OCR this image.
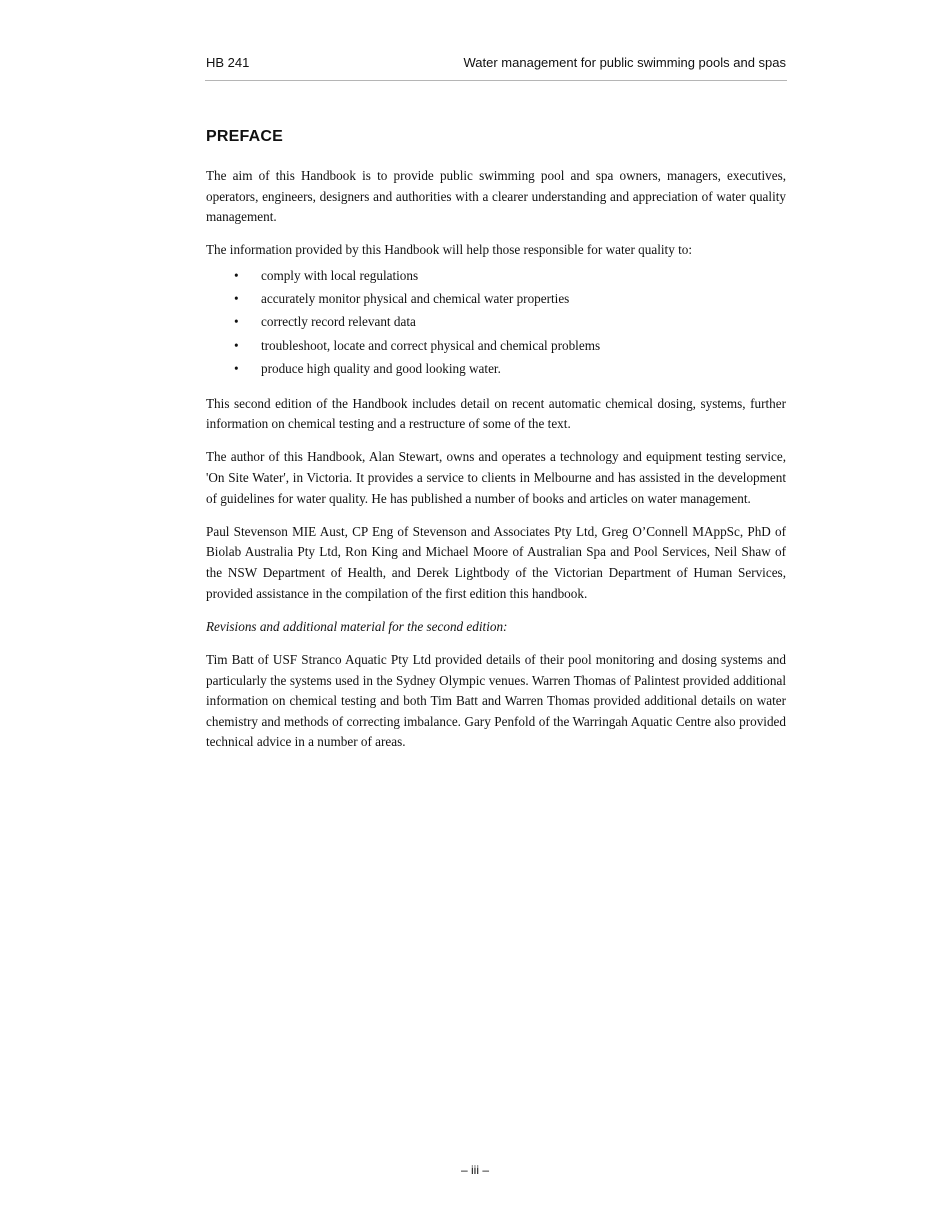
HB 241	Water management for public swimming pools and spas
PREFACE

The aim of this Handbook is to provide public swimming pool and spa owners, managers, executives, operators, engineers, designers and authorities with a clearer understanding and appreciation of water quality management.

The information provided by this Handbook will help those responsible for water quality to:

• comply with local regulations
• accurately monitor physical and chemical water properties
• correctly record relevant data
• troubleshoot, locate and correct physical and chemical problems
• produce high quality and good looking water.

This second edition of the Handbook includes detail on recent automatic chemical dosing, systems, further information on chemical testing and a restructure of some of the text.

The author of this Handbook, Alan Stewart, owns and operates a technology and equipment testing service, 'On Site Water', in Victoria. It provides a service to clients in Melbourne and has assisted in the development of guidelines for water quality. He has published a number of books and articles on water management.

Paul Stevenson MIE Aust, CP Eng of Stevenson and Associates Pty Ltd, Greg O’Connell MAppSc, PhD of Biolab Australia Pty Ltd, Ron King and Michael Moore of Australian Spa and Pool Services, Neil Shaw of the NSW Department of Health, and Derek Lightbody of the Victorian Department of Human Services, provided assistance in the compilation of the first edition this handbook.

Revisions and additional material for the second edition:

Tim Batt of USF Stranco Aquatic Pty Ltd provided details of their pool monitoring and dosing systems and particularly the systems used in the Sydney Olympic venues. Warren Thomas of Palintest provided additional information on chemical testing and both Tim Batt and Warren Thomas provided additional details on water chemistry and methods of correcting imbalance. Gary Penfold of the Warringah Aquatic Centre also provided technical advice in a number of areas.

– iii –
